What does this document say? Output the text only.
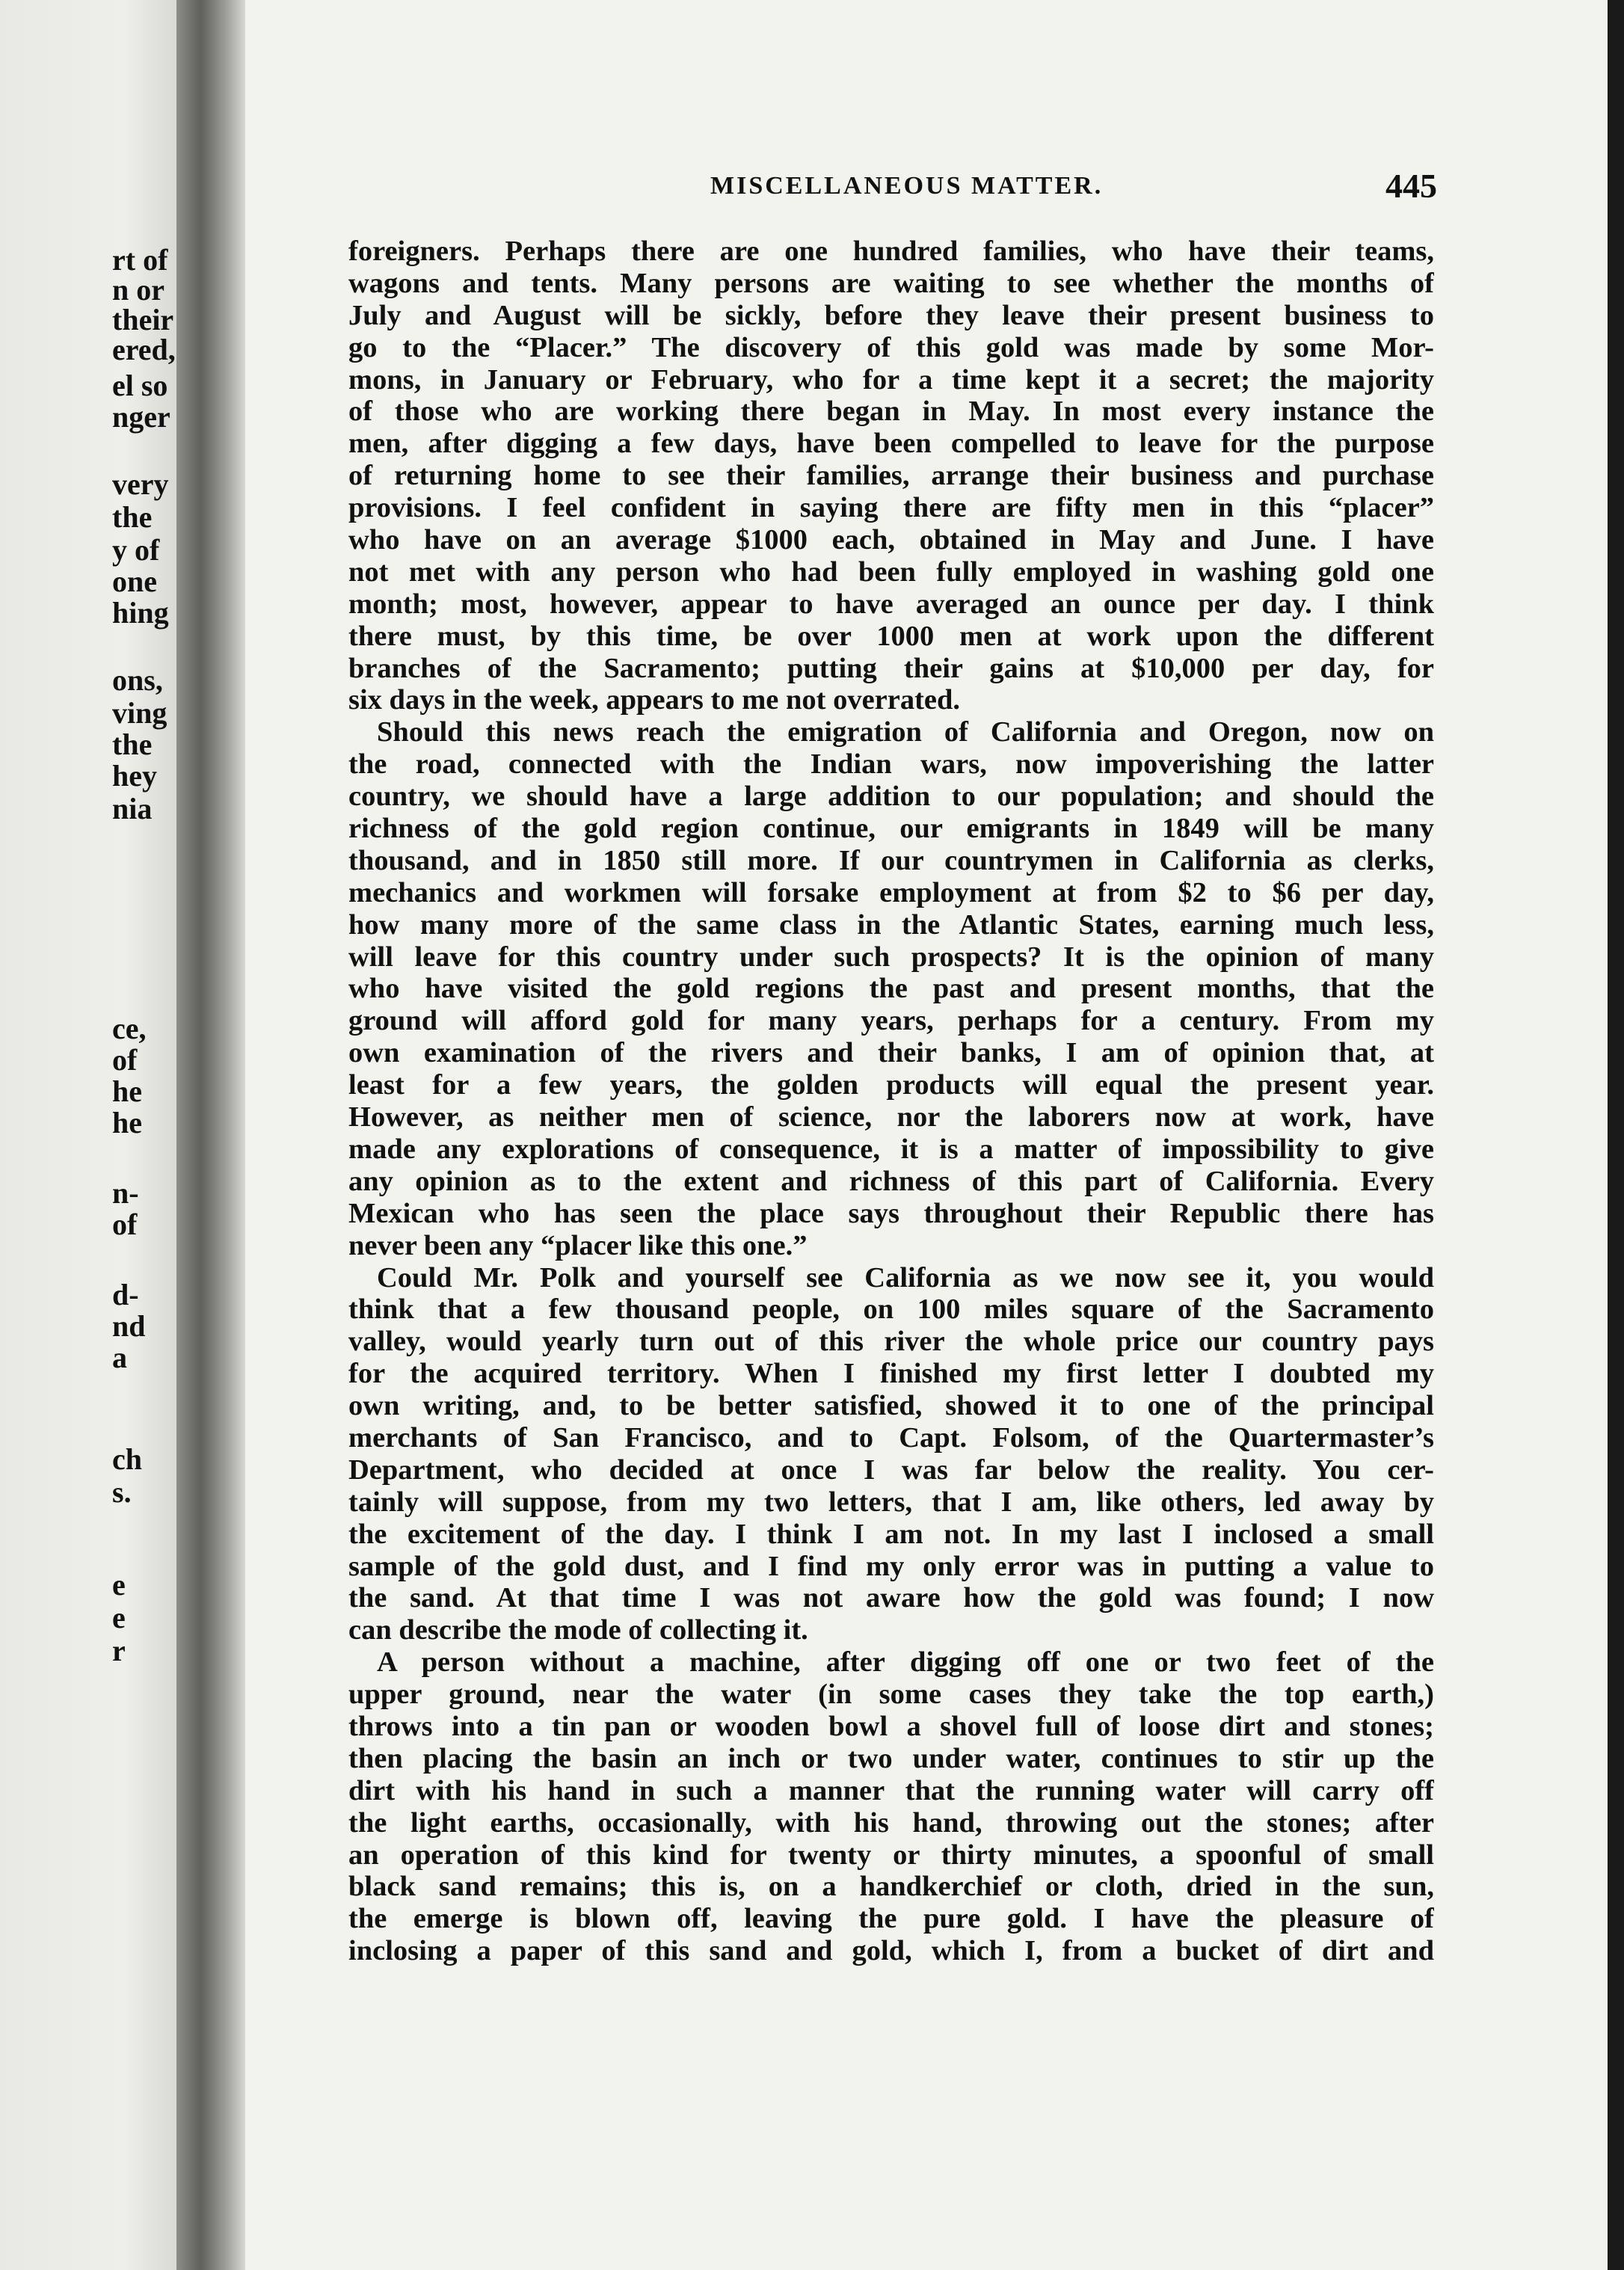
rt of
n or
their
ered,
el so
nger
very
the
y of
one
hing
ons,
ving
the
hey
nia
ce,
of
he
he
n-
of
d-
nd
a
ch
s.
e
e
r
MISCELLANEOUS MATTER.	445
foreigners. Perhaps there are one hundred families, who have their teams,
wagons and tents. Many persons are waiting to see whether the months of
July and August will be sickly, before they leave their present business to
go to the “Placer.” The discovery of this gold was made by some Mor-
mons, in January or February, who for a time kept it a secret; the majority
of those who are working there began in May. In most every instance the
men, after digging a few days, have been compelled to leave for the purpose
of returning home to see their families, arrange their business and purchase
provisions. I feel confident in saying there are fifty men in this “placer”
who have on an average $1000 each, obtained in May and June. I have
not met with any person who had been fully employed in washing gold one
month; most, however, appear to have averaged an ounce per day. I think
there must, by this time, be over 1000 men at work upon the different
branches of the Sacramento; putting their gains at $10,000 per day, for
six days in the week, appears to me not overrated.
Should this news reach the emigration of California and Oregon, now on
the road, connected with the Indian wars, now impoverishing the latter
country, we should have a large addition to our population; and should the
richness of the gold region continue, our emigrants in 1849 will be many
thousand, and in 1850 still more. If our countrymen in California as clerks,
mechanics and workmen will forsake employment at from $2 to $6 per day,
how many more of the same class in the Atlantic States, earning much less,
will leave for this country under such prospects? It is the opinion of many
who have visited the gold regions the past and present months, that the
ground will afford gold for many years, perhaps for a century. From my
own examination of the rivers and their banks, I am of opinion that, at
least for a few years, the golden products will equal the present year.
However, as neither men of science, nor the laborers now at work, have
made any explorations of consequence, it is a matter of impossibility to give
any opinion as to the extent and richness of this part of California. Every
Mexican who has seen the place says throughout their Republic there has
never been any “placer like this one.”
Could Mr. Polk and yourself see California as we now see it, you would
think that a few thousand people, on 100 miles square of the Sacramento
valley, would yearly turn out of this river the whole price our country pays
for the acquired territory. When I finished my first letter I doubted my
own writing, and, to be better satisfied, showed it to one of the principal
merchants of San Francisco, and to Capt. Folsom, of the Quartermaster’s
Department, who decided at once I was far below the reality. You cer-
tainly will suppose, from my two letters, that I am, like others, led away by
the excitement of the day. I think I am not. In my last I inclosed a small
sample of the gold dust, and I find my only error was in putting a value to
the sand. At that time I was not aware how the gold was found; I now
can describe the mode of collecting it.
A person without a machine, after digging off one or two feet of the
upper ground, near the water (in some cases they take the top earth,)
throws into a tin pan or wooden bowl a shovel full of loose dirt and stones;
then placing the basin an inch or two under water, continues to stir up the
dirt with his hand in such a manner that the running water will carry off
the light earths, occasionally, with his hand, throwing out the stones; after
an operation of this kind for twenty or thirty minutes, a spoonful of small
black sand remains; this is, on a handkerchief or cloth, dried in the sun,
the emerge is blown off, leaving the pure gold. I have the pleasure of
inclosing a paper of this sand and gold, which I, from a bucket of dirt and
